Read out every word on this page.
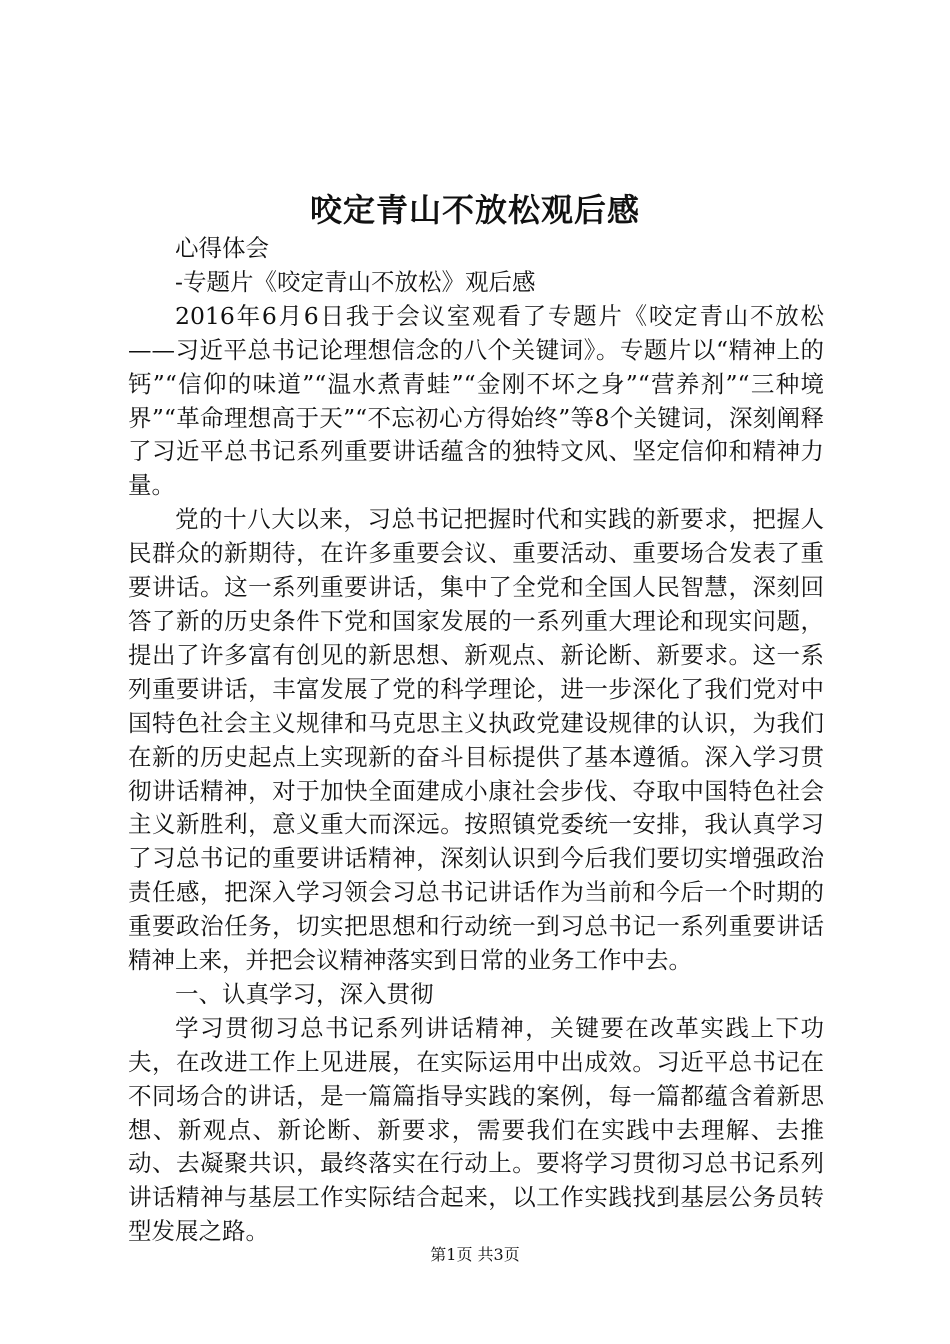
咬定青山不放松观后感

心得体会

-专题片《咬定青山不放松》观后感

2016年6月6日我于会议室观看了专题片《咬定青山不放松——习近平总书记论理想信念的八个关键词》。专题片以“精神上的钙”“信仰的味道”“温水煮青蛙”“金刚不坏之身”“营养剂”“三种境界”“革命理想高于天”“不忘初心方得始终”等8个关键词，深刻阐释了习近平总书记系列重要讲话蕴含的独特文风、坚定信仰和精神力量。

党的十八大以来，习总书记把握时代和实践的新要求，把握人民群众的新期待，在许多重要会议、重要活动、重要场合发表了重要讲话。这一系列重要讲话，集中了全党和全国人民智慧，深刻回答了新的历史条件下党和国家发展的一系列重大理论和现实问题，提出了许多富有创见的新思想、新观点、新论断、新要求。这一系列重要讲话，丰富发展了党的科学理论，进一步深化了我们党对中国特色社会主义规律和马克思主义执政党建设规律的认识，为我们在新的历史起点上实现新的奋斗目标提供了基本遵循。深入学习贯彻讲话精神，对于加快全面建成小康社会步伐、夺取中国特色社会主义新胜利，意义重大而深远。按照镇党委统一安排，我认真学习了习总书记的重要讲话精神，深刻认识到今后我们要切实增强政治责任感，把深入学习领会习总书记讲话作为当前和今后一个时期的重要政治任务，切实把思想和行动统一到习总书记一系列重要讲话精神上来，并把会议精神落实到日常的业务工作中去。

一、认真学习，深入贯彻

学习贯彻习总书记系列讲话精神，关键要在改革实践上下功夫，在改进工作上见进展，在实际运用中出成效。习近平总书记在不同场合的讲话，是一篇篇指导实践的案例，每一篇都蕴含着新思想、新观点、新论断、新要求，需要我们在实践中去理解、去推动、去凝聚共识，最终落实在行动上。要将学习贯彻习总书记系列讲话精神与基层工作实际结合起来，以工作实践找到基层公务员转型发展之路。

第1页 共3页
